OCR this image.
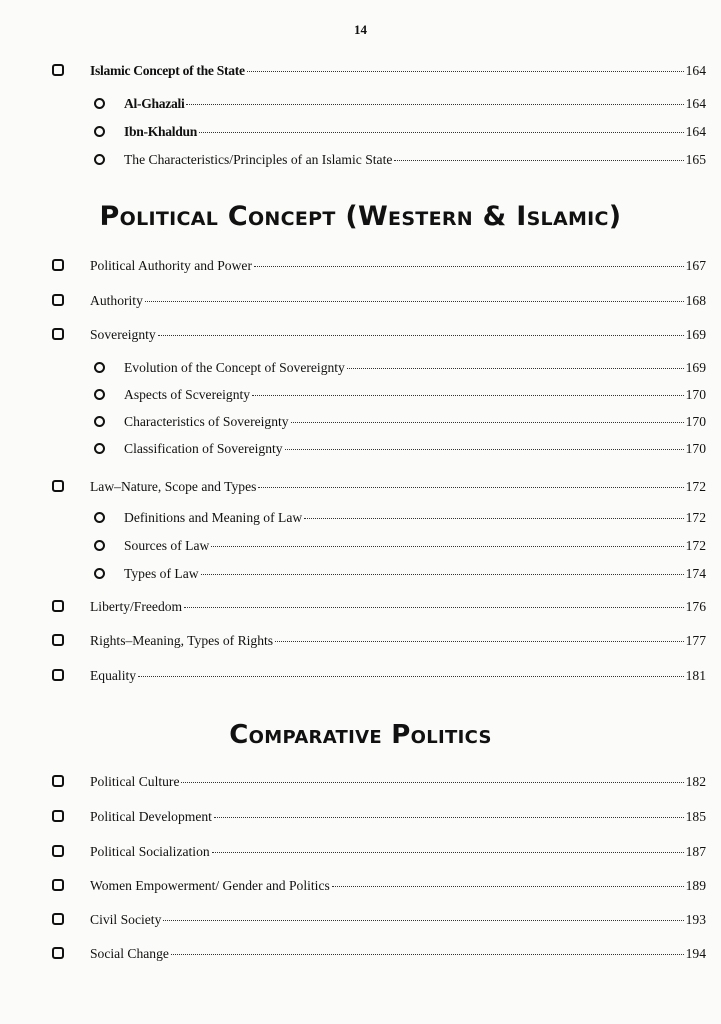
14
Political Concept (Western & Islamic)
Comparative Politics
Islamic Concept of the State	164
Al-Ghazali	164
Ibn-Khaldun	164
The Characteristics/Principles of an Islamic State	165
Political Authority and Power	167
Authority	168
Sovereignty	169
Evolution of the Concept of Sovereignty	169
Aspects of Scvereignty	170
Characteristics of Sovereignty	170
Classification of Sovereignty	170
Law–Nature, Scope and Types	172
Definitions and Meaning of Law	172
Sources of Law	172
Types of Law	174
Liberty/Freedom	176
Rights–Meaning, Types of Rights	177
Equality	181
Political Culture	182
Political Development	185
Political Socialization	187
Women Empowerment/ Gender and Politics	189
Civil Society	193
Social Change	194
